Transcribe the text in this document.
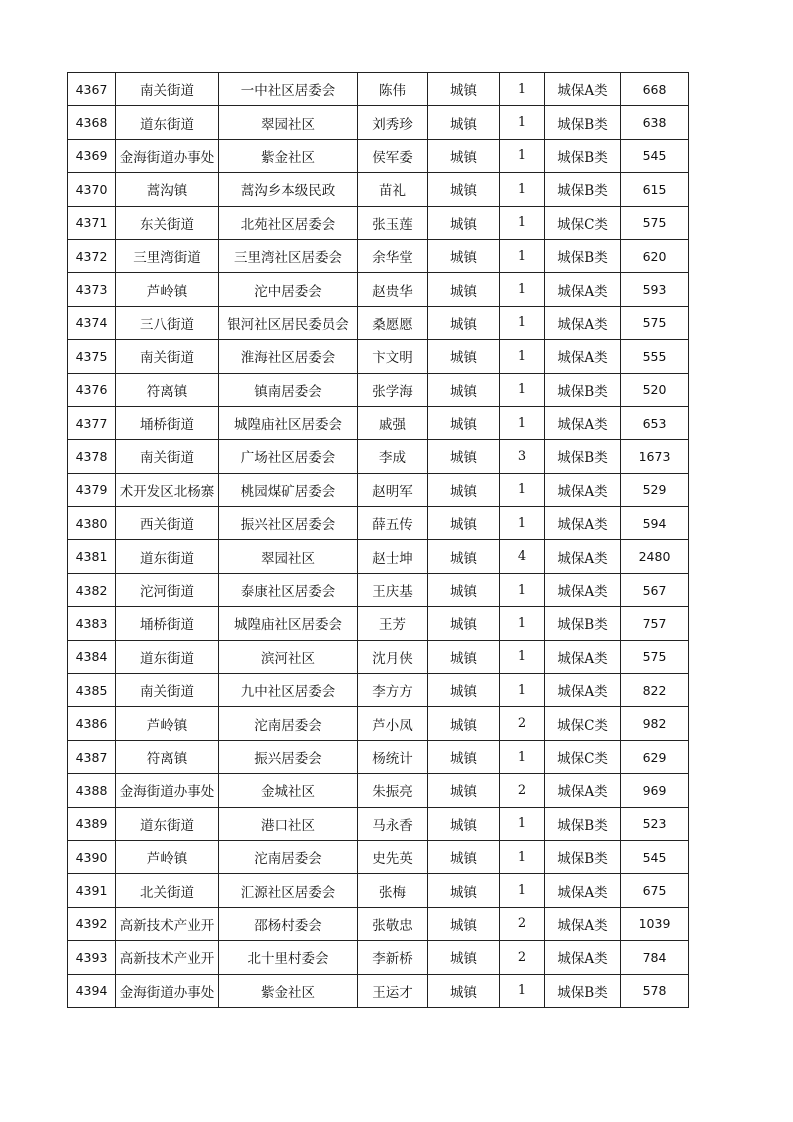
4367	南关街道	一中社区居委会	陈伟	城镇	1	城保A类	668
4368	道东街道	翠园社区	刘秀珍	城镇	1	城保B类	638
4369	金海街道办事处	紫金社区	侯军委	城镇	1	城保B类	545
4370	蒿沟镇	蒿沟乡本级民政	苗礼	城镇	1	城保B类	615
4371	东关街道	北苑社区居委会	张玉莲	城镇	1	城保C类	575
4372	三里湾街道	三里湾社区居委会	余华堂	城镇	1	城保B类	620
4373	芦岭镇	沱中居委会	赵贵华	城镇	1	城保A类	593
4374	三八街道	银河社区居民委员会	桑愿愿	城镇	1	城保A类	575
4375	南关街道	淮海社区居委会	卞文明	城镇	1	城保A类	555
4376	符离镇	镇南居委会	张学海	城镇	1	城保B类	520
4377	埇桥街道	城隍庙社区居委会	戚强	城镇	1	城保A类	653
4378	南关街道	广场社区居委会	李成	城镇	3	城保B类	1673
4379	术开发区北杨寨	桃园煤矿居委会	赵明军	城镇	1	城保A类	529
4380	西关街道	振兴社区居委会	薛五传	城镇	1	城保A类	594
4381	道东街道	翠园社区	赵士坤	城镇	4	城保A类	2480
4382	沱河街道	泰康社区居委会	王庆基	城镇	1	城保A类	567
4383	埇桥街道	城隍庙社区居委会	王芳	城镇	1	城保B类	757
4384	道东街道	滨河社区	沈月侠	城镇	1	城保A类	575
4385	南关街道	九中社区居委会	李方方	城镇	1	城保A类	822
4386	芦岭镇	沱南居委会	芦小凤	城镇	2	城保C类	982
4387	符离镇	振兴居委会	杨统计	城镇	1	城保C类	629
4388	金海街道办事处	金城社区	朱振亮	城镇	2	城保A类	969
4389	道东街道	港口社区	马永香	城镇	1	城保B类	523
4390	芦岭镇	沱南居委会	史先英	城镇	1	城保B类	545
4391	北关街道	汇源社区居委会	张梅	城镇	1	城保A类	675
4392	高新技术产业开	邵杨村委会	张敬忠	城镇	2	城保A类	1039
4393	高新技术产业开	北十里村委会	李新桥	城镇	2	城保A类	784
4394	金海街道办事处	紫金社区	王运才	城镇	1	城保B类	578
